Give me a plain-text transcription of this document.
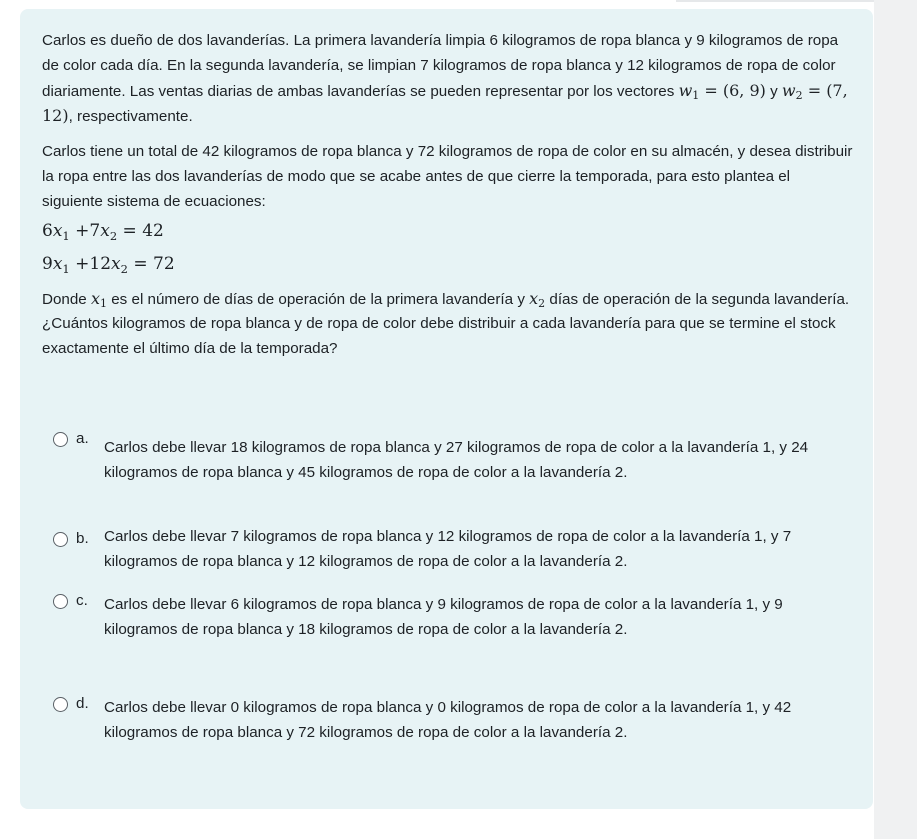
Carlos es dueño de dos lavanderías. La primera lavandería limpia 6 kilogramos de ropa blanca y 9 kilogramos de ropa de color cada día. En la segunda lavandería, se limpian 7 kilogramos de ropa blanca y 12 kilogramos de ropa de color diariamente. Las ventas diarias de ambas lavanderías se pueden representar por los vectores $w_1 = (6$, 9) y $w_2 = (7$, 12), respectivamente.

Carlos tiene un total de 42 kilogramos de ropa blanca y 72 kilogramos de ropa de color en su almacén, y desea distribuir la ropa entre las dos lavanderías de modo que se acabe antes de que cierre la temporada, para esto plantea el siguiente sistema de ecuaciones:

$6x_1 +7x_2 = 42$
$9x_1 +12x_2 = 72$

Donde $x_1$ es el número de días de operación de la primera lavandería y $x_2$ días de operación de la segunda lavandería. ¿Cuántos kilogramos de ropa blanca y de ropa de color debe distribuir a cada lavandería para que se termine el stock exactamente el último día de la temporada?

a.
Carlos debe llevar 18 kilogramos de ropa blanca y 27 kilogramos de ropa de color a la lavandería 1, y 24 kilogramos de ropa blanca y 45 kilogramos de ropa de color a la lavandería 2.
b. Carlos debe llevar 7 kilogramos de ropa blanca y 12 kilogramos de ropa de color a la lavandería 1, y 7 kilogramos de ropa blanca y 12 kilogramos de ropa de color a la lavandería 2.
c. Carlos debe llevar 6 kilogramos de ropa blanca y 9 kilogramos de ropa de color a la lavandería 1, y 9 kilogramos de ropa blanca y 18 kilogramos de ropa de color a la lavandería 2.
d. Carlos debe llevar 0 kilogramos de ropa blanca y 0 kilogramos de ropa de color a la lavandería 1, y 42 kilogramos de ropa blanca y 72 kilogramos de ropa de color a la lavandería 2.
